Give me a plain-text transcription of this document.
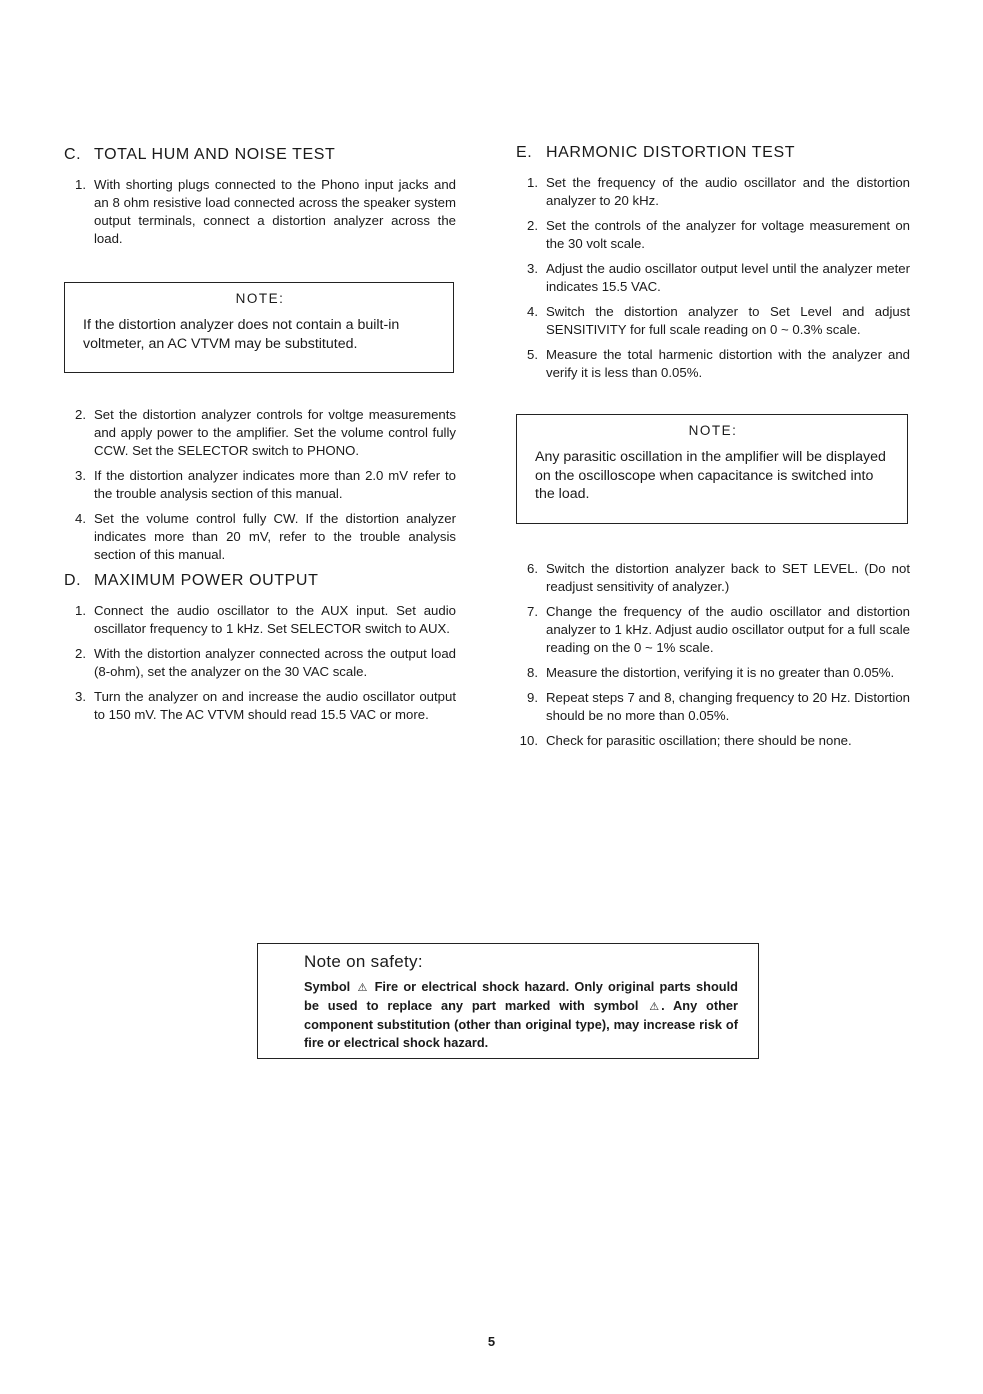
C. TOTAL HUM AND NOISE TEST
1. With shorting plugs connected to the Phono input jacks and an 8 ohm resistive load connected across the speaker system output terminals, connect a distortion analyzer across the load.
NOTE:
If the distortion analyzer does not contain a built-in voltmeter, an AC VTVM may be substituted.
2. Set the distortion analyzer controls for voltge measurements and apply power to the amplifier. Set the volume control fully CCW. Set the SELECTOR switch to PHONO.
3. If the distortion analyzer indicates more than 2.0 mV refer to the trouble analysis section of this manual.
4. Set the volume control fully CW. If the distortion analyzer indicates more than 20 mV, refer to the trouble analysis section of this manual.
D. MAXIMUM POWER OUTPUT
1. Connect the audio oscillator to the AUX input. Set audio oscillator frequency to 1 kHz. Set SELECTOR switch to AUX.
2. With the distortion analyzer connected across the output load (8-ohm), set the analyzer on the 30 VAC scale.
3. Turn the analyzer on and increase the audio oscillator output to 150 mV. The AC VTVM should read 15.5 VAC or more.
E. HARMONIC DISTORTION TEST
1. Set the frequency of the audio oscillator and the distortion analyzer to 20 kHz.
2. Set the controls of the analyzer for voltage measurement on the 30 volt scale.
3. Adjust the audio oscillator output level until the analyzer meter indicates 15.5 VAC.
4. Switch the distortion analyzer to Set Level and adjust SENSITIVITY for full scale reading on 0 ~ 0.3% scale.
5. Measure the total harmenic distortion with the analyzer and verify it is less than 0.05%.
NOTE:
Any parasitic oscillation in the amplifier will be displayed on the oscilloscope when capacitance is switched into the load.
6. Switch the distortion analyzer back to SET LEVEL. (Do not readjust sensitivity of analyzer.)
7. Change the frequency of the audio oscillator and distortion analyzer to 1 kHz. Adjust audio oscillator output for a full scale reading on the 0 ~ 1% scale.
8. Measure the distortion, verifying it is no greater than 0.05%.
9. Repeat steps 7 and 8, changing frequency to 20 Hz. Distortion should be no more than 0.05%.
10. Check for parasitic oscillation; there should be none.
Note on safety:
Symbol ⚠ Fire or electrical shock hazard. Only original parts should be used to replace any part marked with symbol ⚠ . Any other component substitution (other than original type), may increase risk of fire or electrical shock hazard.
5
